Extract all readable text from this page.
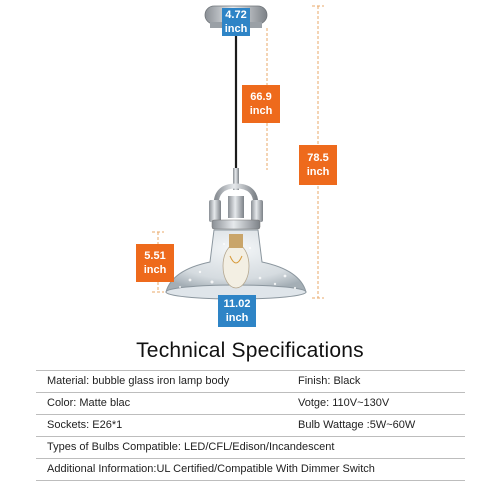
4.72
inch
66.9
inch
78.5
inch
5.51
inch
11.02
inch
Technical Specifications
Material: bubble glass iron lamp body	Finish: Black
Color: Matte blac	Votge: 110V~130V
Sockets: E26*1	Bulb Wattage :5W~60W
Types of Bulbs Compatible: LED/CFL/Edison/Incandescent
Additional Information:UL Certified/Compatible With Dimmer Switch
